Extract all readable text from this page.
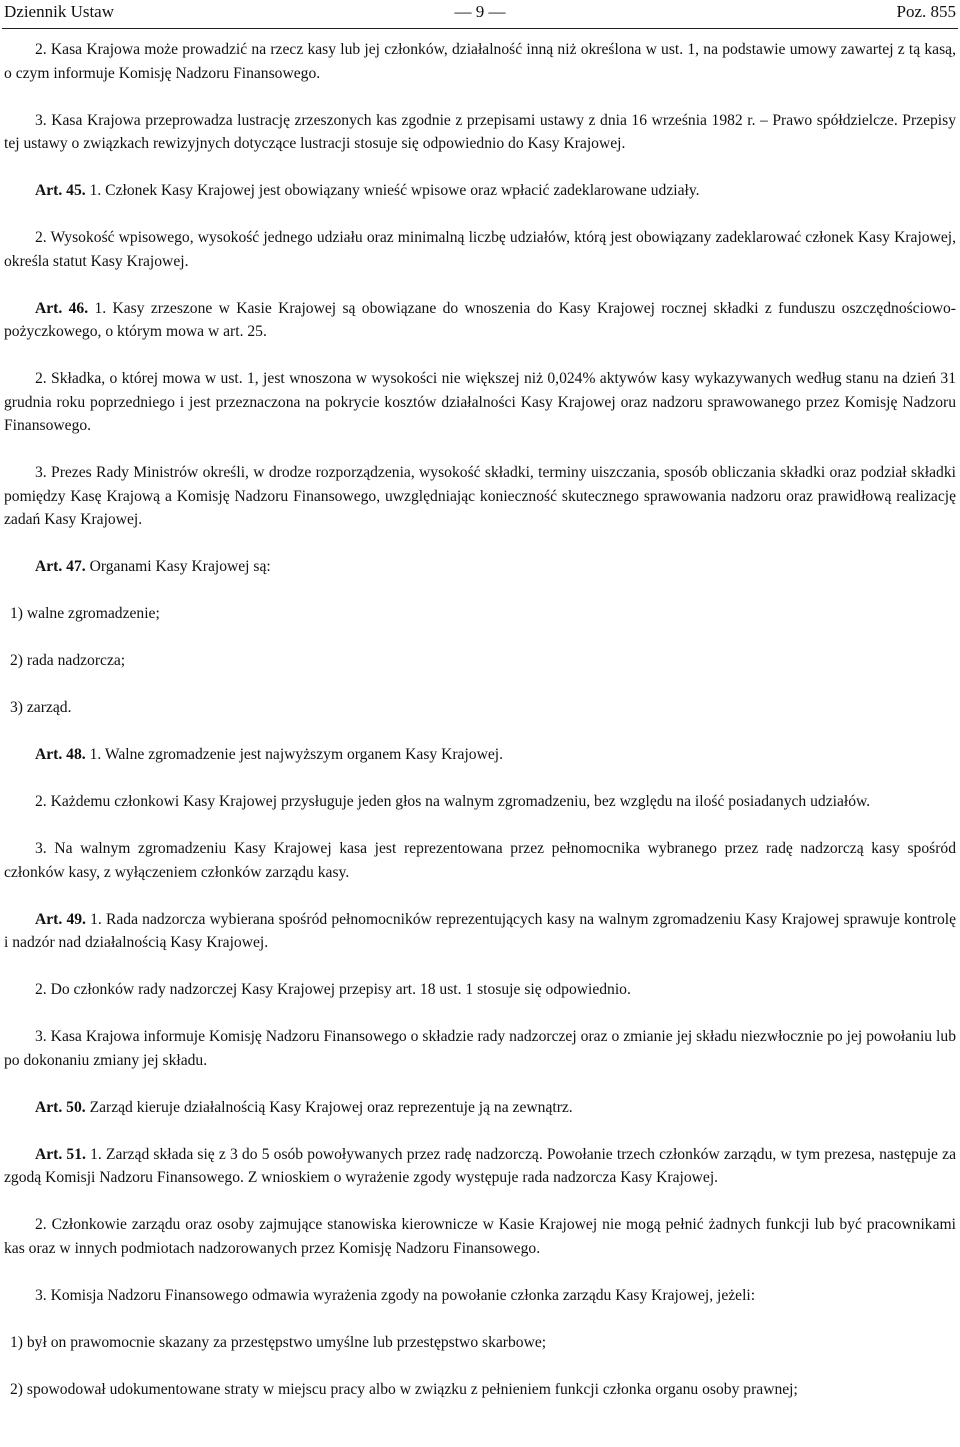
Dziennik Ustaw	— 9 —	Poz. 855

2. Kasa Krajowa może prowadzić na rzecz kasy lub jej członków, działalność inną niż określona w ust. 1, na podstawie umowy zawartej z tą kasą, o czym informuje Komisję Nadzoru Finansowego.

3. Kasa Krajowa przeprowadza lustrację zrzeszonych kas zgodnie z przepisami ustawy z dnia 16 września 1982 r. – Prawo spółdzielcze. Przepisy tej ustawy o związkach rewizyjnych dotyczące lustracji stosuje się odpowiednio do Kasy Krajowej.

Art. 45. 1. Członek Kasy Krajowej jest obowiązany wnieść wpisowe oraz wpłacić zadeklarowane udziały.

2. Wysokość wpisowego, wysokość jednego udziału oraz minimalną liczbę udziałów, którą jest obowiązany zadeklarować członek Kasy Krajowej, określa statut Kasy Krajowej.

Art. 46. 1. Kasy zrzeszone w Kasie Krajowej są obowiązane do wnoszenia do Kasy Krajowej rocznej składki z funduszu oszczędnościowo-pożyczkowego, o którym mowa w art. 25.

2. Składka, o której mowa w ust. 1, jest wnoszona w wysokości nie większej niż 0,024% aktywów kasy wykazywanych według stanu na dzień 31 grudnia roku poprzedniego i jest przeznaczona na pokrycie kosztów działalności Kasy Krajowej oraz nadzoru sprawowanego przez Komisję Nadzoru Finansowego.

3. Prezes Rady Ministrów określi, w drodze rozporządzenia, wysokość składki, terminy uiszczania, sposób obliczania składki oraz podział składki pomiędzy Kasę Krajową a Komisję Nadzoru Finansowego, uwzględniając konieczność skutecznego sprawowania nadzoru oraz prawidłową realizację zadań Kasy Krajowej.

Art. 47. Organami Kasy Krajowej są:

1) walne zgromadzenie;

2) rada nadzorcza;

3) zarząd.

Art. 48. 1. Walne zgromadzenie jest najwyższym organem Kasy Krajowej.

2. Każdemu członkowi Kasy Krajowej przysługuje jeden głos na walnym zgromadzeniu, bez względu na ilość posiadanych udziałów.

3. Na walnym zgromadzeniu Kasy Krajowej kasa jest reprezentowana przez pełnomocnika wybranego przez radę nadzorczą kasy spośród członków kasy, z wyłączeniem członków zarządu kasy.

Art. 49. 1. Rada nadzorcza wybierana spośród pełnomocników reprezentujących kasy na walnym zgromadzeniu Kasy Krajowej sprawuje kontrolę i nadzór nad działalnością Kasy Krajowej.

2. Do członków rady nadzorczej Kasy Krajowej przepisy art. 18 ust. 1 stosuje się odpowiednio.

3. Kasa Krajowa informuje Komisję Nadzoru Finansowego o składzie rady nadzorczej oraz o zmianie jej składu niezwłocznie po jej powołaniu lub po dokonaniu zmiany jej składu.

Art. 50. Zarząd kieruje działalnością Kasy Krajowej oraz reprezentuje ją na zewnątrz.

Art. 51. 1. Zarząd składa się z 3 do 5 osób powoływanych przez radę nadzorczą. Powołanie trzech członków zarządu, w tym prezesa, następuje za zgodą Komisji Nadzoru Finansowego. Z wnioskiem o wyrażenie zgody występuje rada nadzorcza Kasy Krajowej.

2. Członkowie zarządu oraz osoby zajmujące stanowiska kierownicze w Kasie Krajowej nie mogą pełnić żadnych funkcji lub być pracownikami kas oraz w innych podmiotach nadzorowanych przez Komisję Nadzoru Finansowego.

3. Komisja Nadzoru Finansowego odmawia wyrażenia zgody na powołanie członka zarządu Kasy Krajowej, jeżeli:

1) był on prawomocnie skazany za przestępstwo umyślne lub przestępstwo skarbowe;

2) spowodował udokumentowane straty w miejscu pracy albo w związku z pełnieniem funkcji członka organu osoby prawnej;
